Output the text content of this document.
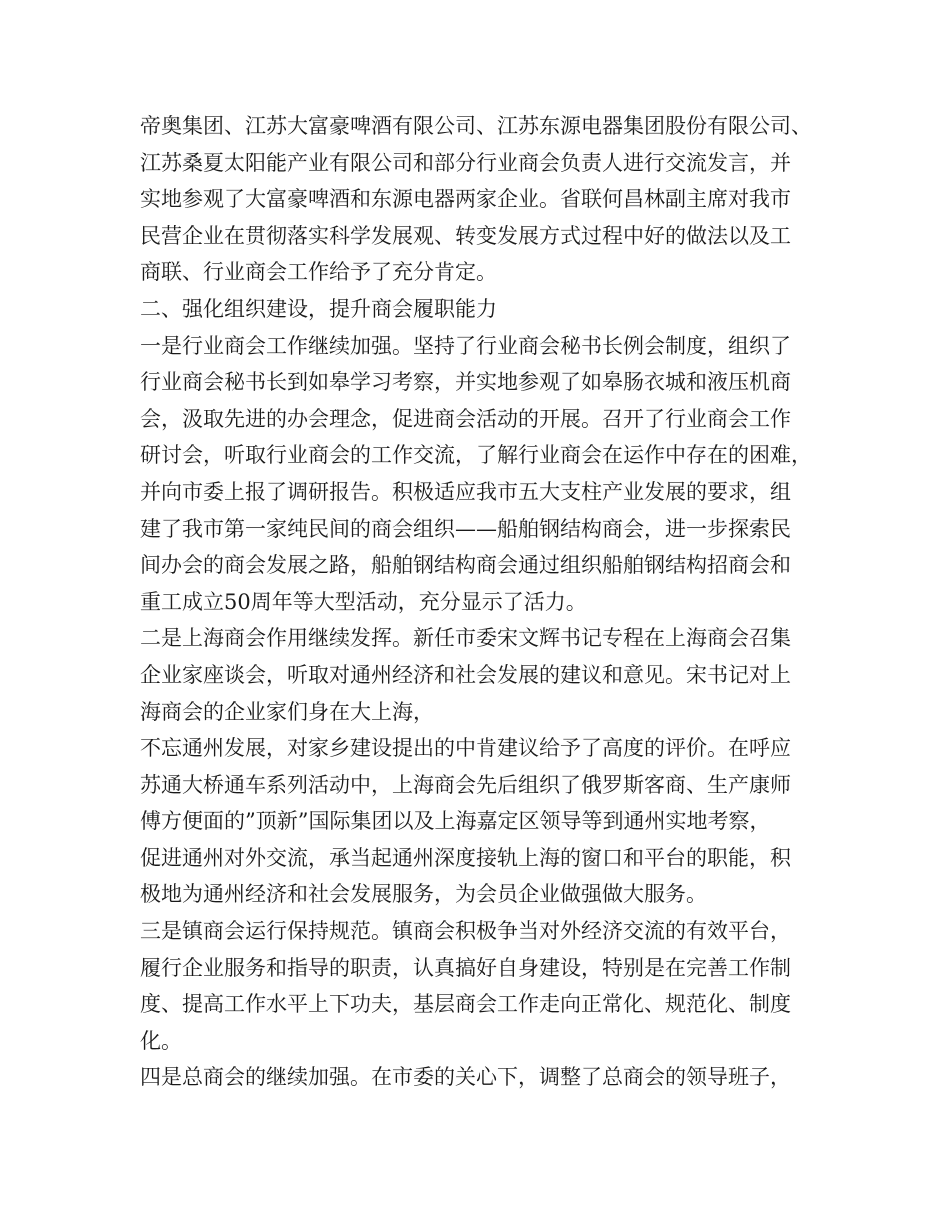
帝奥集团、江苏大富豪啤酒有限公司、江苏东源电器集团股份有限公司、
江苏桑夏太阳能产业有限公司和部分行业商会负责人进行交流发言，并
实地参观了大富豪啤酒和东源电器两家企业。省联何昌林副主席对我市
民营企业在贯彻落实科学发展观、转变发展方式过程中好的做法以及工
商联、行业商会工作给予了充分肯定。
二、强化组织建设，提升商会履职能力
一是行业商会工作继续加强。坚持了行业商会秘书长例会制度，组织了
行业商会秘书长到如皋学习考察，并实地参观了如皋肠衣城和液压机商
会，汲取先进的办会理念，促进商会活动的开展。召开了行业商会工作
研讨会，听取行业商会的工作交流，了解行业商会在运作中存在的困难，
并向市委上报了调研报告。积极适应我市五大支柱产业发展的要求，组
建了我市第一家纯民间的商会组织——船舶钢结构商会，进一步探索民
间办会的商会发展之路，船舶钢结构商会通过组织船舶钢结构招商会和
重工成立50周年等大型活动，充分显示了活力。
二是上海商会作用继续发挥。新任市委宋文辉书记专程在上海商会召集
企业家座谈会，听取对通州经济和社会发展的建议和意见。宋书记对上
海商会的企业家们身在大上海，
不忘通州发展，对家乡建设提出的中肯建议给予了高度的评价。在呼应
苏通大桥通车系列活动中，上海商会先后组织了俄罗斯客商、生产康师
傅方便面的”顶新”国际集团以及上海嘉定区领导等到通州实地考察，
促进通州对外交流，承当起通州深度接轨上海的窗口和平台的职能，积
极地为通州经济和社会发展服务，为会员企业做强做大服务。
三是镇商会运行保持规范。镇商会积极争当对外经济交流的有效平台，
履行企业服务和指导的职责，认真搞好自身建设，特别是在完善工作制
度、提高工作水平上下功夫，基层商会工作走向正常化、规范化、制度
化。
四是总商会的继续加强。在市委的关心下，调整了总商会的领导班子，
